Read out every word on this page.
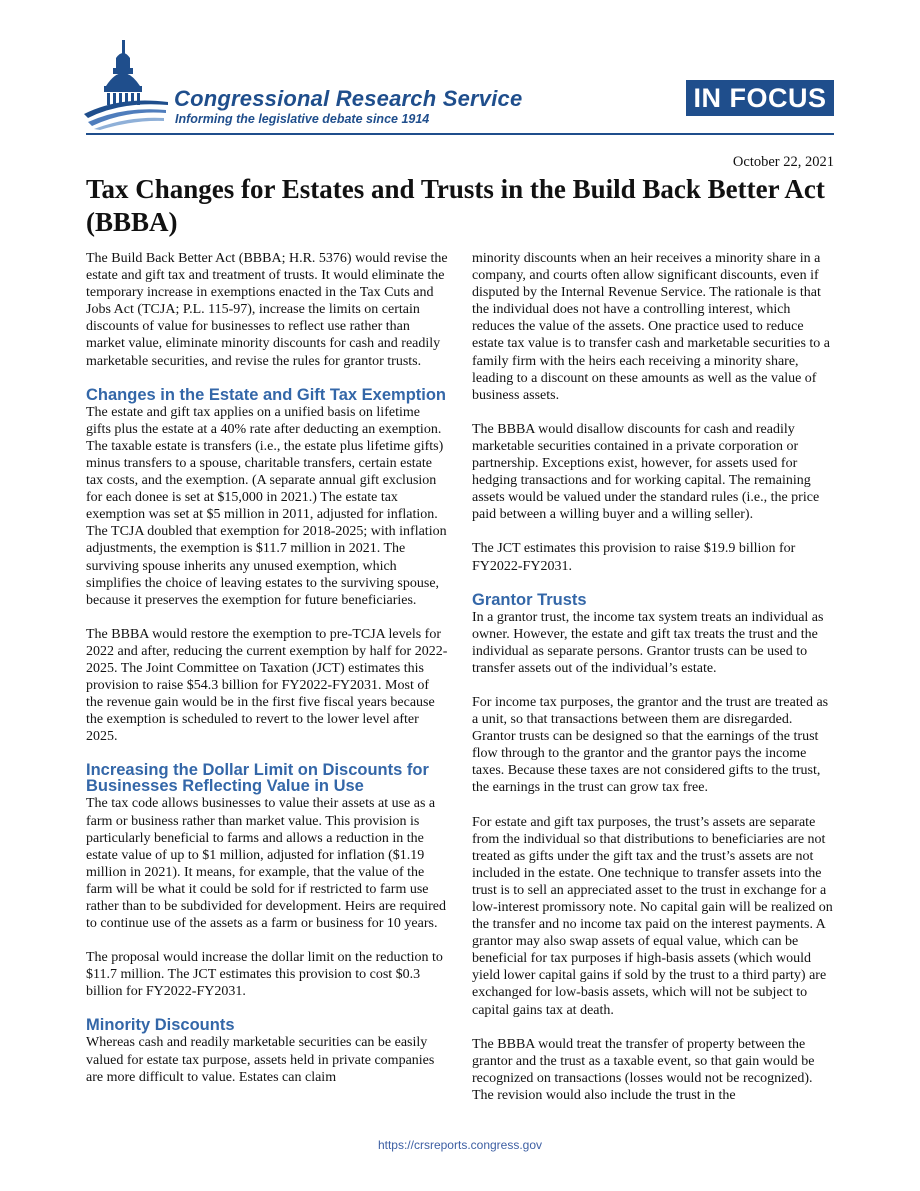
Congressional Research Service
Informing the legislative debate since 1914
IN FOCUS
October 22, 2021
Tax Changes for Estates and Trusts in the Build Back Better Act (BBBA)

The Build Back Better Act (BBBA; H.R. 5376) would revise the estate and gift tax and treatment of trusts. It would eliminate the temporary increase in exemptions enacted in the Tax Cuts and Jobs Act (TCJA; P.L. 115-97), increase the limits on certain discounts of value for businesses to reflect use rather than market value, eliminate minority discounts for cash and readily marketable securities, and revise the rules for grantor trusts.

Changes in the Estate and Gift Tax Exemption

The estate and gift tax applies on a unified basis on lifetime gifts plus the estate at a 40% rate after deducting an exemption. The taxable estate is transfers (i.e., the estate plus lifetime gifts) minus transfers to a spouse, charitable transfers, certain estate tax costs, and the exemption. (A separate annual gift exclusion for each donee is set at $15,000 in 2021.) The estate tax exemption was set at $5 million in 2011, adjusted for inflation. The TCJA doubled that exemption for 2018-2025; with inflation adjustments, the exemption is $11.7 million in 2021. The surviving spouse inherits any unused exemption, which simplifies the choice of leaving estates to the surviving spouse, because it preserves the exemption for future beneficiaries.

The BBBA would restore the exemption to pre-TCJA levels for 2022 and after, reducing the current exemption by half for 2022-2025. The Joint Committee on Taxation (JCT) estimates this provision to raise $54.3 billion for FY2022-FY2031. Most of the revenue gain would be in the first five fiscal years because the exemption is scheduled to revert to the lower level after 2025.

Increasing the Dollar Limit on Discounts for Businesses Reflecting Value in Use

The tax code allows businesses to value their assets at use as a farm or business rather than market value. This provision is particularly beneficial to farms and allows a reduction in the estate value of up to $1 million, adjusted for inflation ($1.19 million in 2021). It means, for example, that the value of the farm will be what it could be sold for if restricted to farm use rather than to be subdivided for development. Heirs are required to continue use of the assets as a farm or business for 10 years.

The proposal would increase the dollar limit on the reduction to $11.7 million. The JCT estimates this provision to cost $0.3 billion for FY2022-FY2031.

Minority Discounts

Whereas cash and readily marketable securities can be easily valued for estate tax purpose, assets held in private companies are more difficult to value. Estates can claim

minority discounts when an heir receives a minority share in a company, and courts often allow significant discounts, even if disputed by the Internal Revenue Service. The rationale is that the individual does not have a controlling interest, which reduces the value of the assets. One practice used to reduce estate tax value is to transfer cash and marketable securities to a family firm with the heirs each receiving a minority share, leading to a discount on these amounts as well as the value of business assets.

The BBBA would disallow discounts for cash and readily marketable securities contained in a private corporation or partnership. Exceptions exist, however, for assets used for hedging transactions and for working capital. The remaining assets would be valued under the standard rules (i.e., the price paid between a willing buyer and a willing seller).

The JCT estimates this provision to raise $19.9 billion for FY2022-FY2031.

Grantor Trusts

In a grantor trust, the income tax system treats an individual as owner. However, the estate and gift tax treats the trust and the individual as separate persons. Grantor trusts can be used to transfer assets out of the individual’s estate.

For income tax purposes, the grantor and the trust are treated as a unit, so that transactions between them are disregarded. Grantor trusts can be designed so that the earnings of the trust flow through to the grantor and the grantor pays the income taxes. Because these taxes are not considered gifts to the trust, the earnings in the trust can grow tax free.

For estate and gift tax purposes, the trust’s assets are separate from the individual so that distributions to beneficiaries are not treated as gifts under the gift tax and the trust’s assets are not included in the estate. One technique to transfer assets into the trust is to sell an appreciated asset to the trust in exchange for a low-interest promissory note. No capital gain will be realized on the transfer and no income tax paid on the interest payments. A grantor may also swap assets of equal value, which can be beneficial for tax purposes if high-basis assets (which would yield lower capital gains if sold by the trust to a third party) are exchanged for low-basis assets, which will not be subject to capital gains tax at death.

The BBBA would treat the transfer of property between the grantor and the trust as a taxable event, so that gain would be recognized on transactions (losses would not be recognized). The revision would also include the trust in the

https://crsreports.congress.gov
